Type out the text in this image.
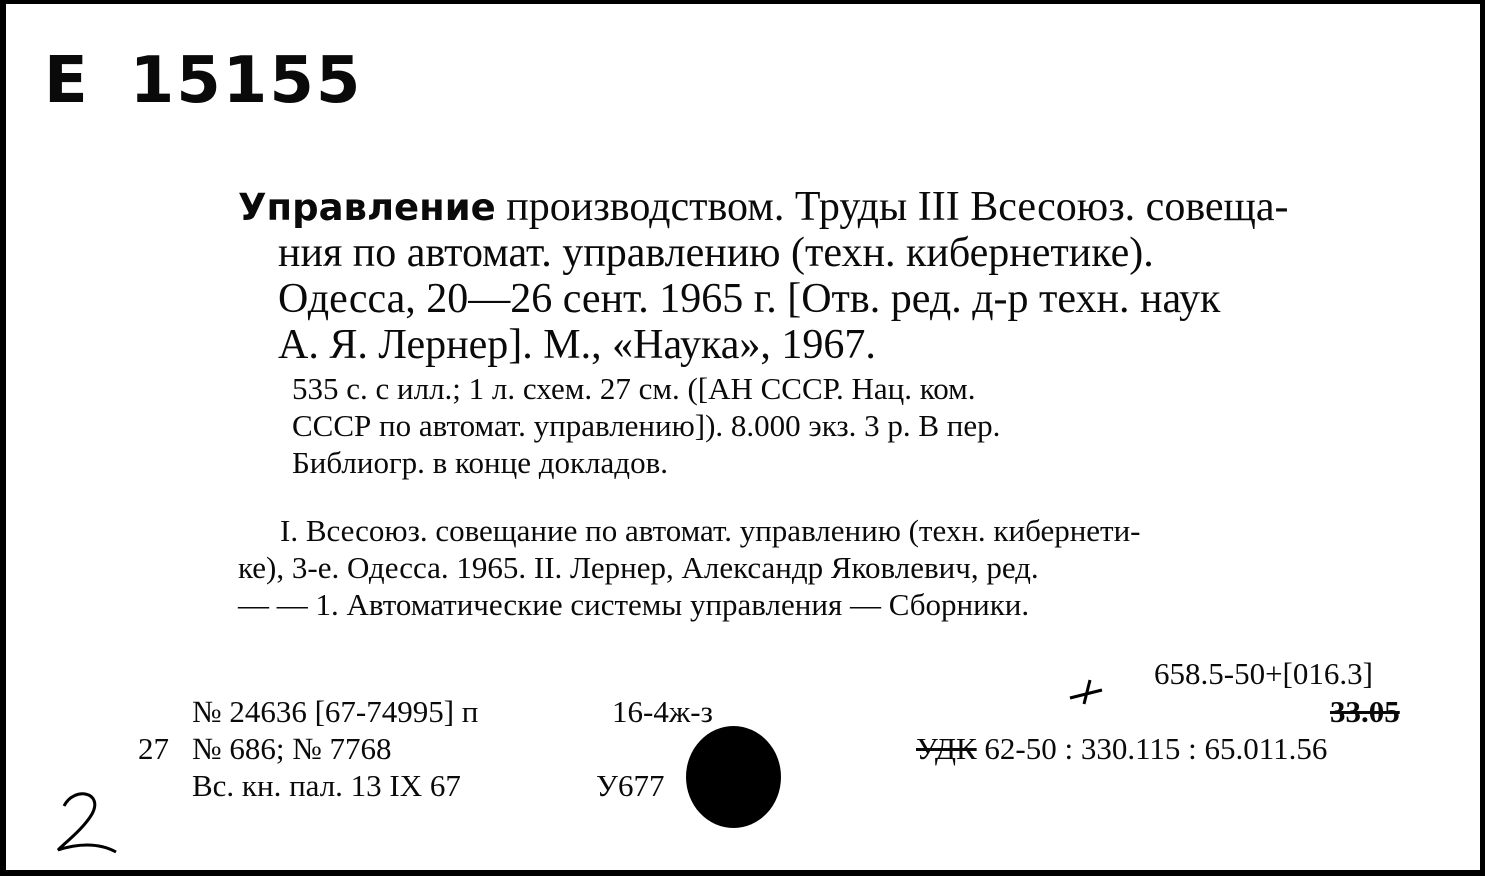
Е 15155
Управление производством. Труды III Всесоюз. совеща-
ния по автомат. управлению (техн. кибернетике).
Одесса, 20—26 сент. 1965 г. [Отв. ред. д-р техн. наук
А. Я. Лернер]. М., «Наука», 1967.
535 с. с илл.; 1 л. схем. 27 см. ([АН СССР. Нац. ком.
СССР по автомат. управлению]). 8.000 экз. 3 р. В пер.
Библиогр. в конце докладов.
I. Всесоюз. совещание по автомат. управлению (техн. кибернети-
ке), 3-е. Одесса. 1965. II. Лернер, Александр Яковлевич, ред.
— — 1. Автоматические системы управления — Сборники.
№ 24636 [67-74995] п	16-4ж-з
27 № 686; № 7768
Вс. кн. пал. 13 IX 67	У677
658.5-50+[016.3]
33.05
УДК 62-50 : 330.115 : 65.011.56
